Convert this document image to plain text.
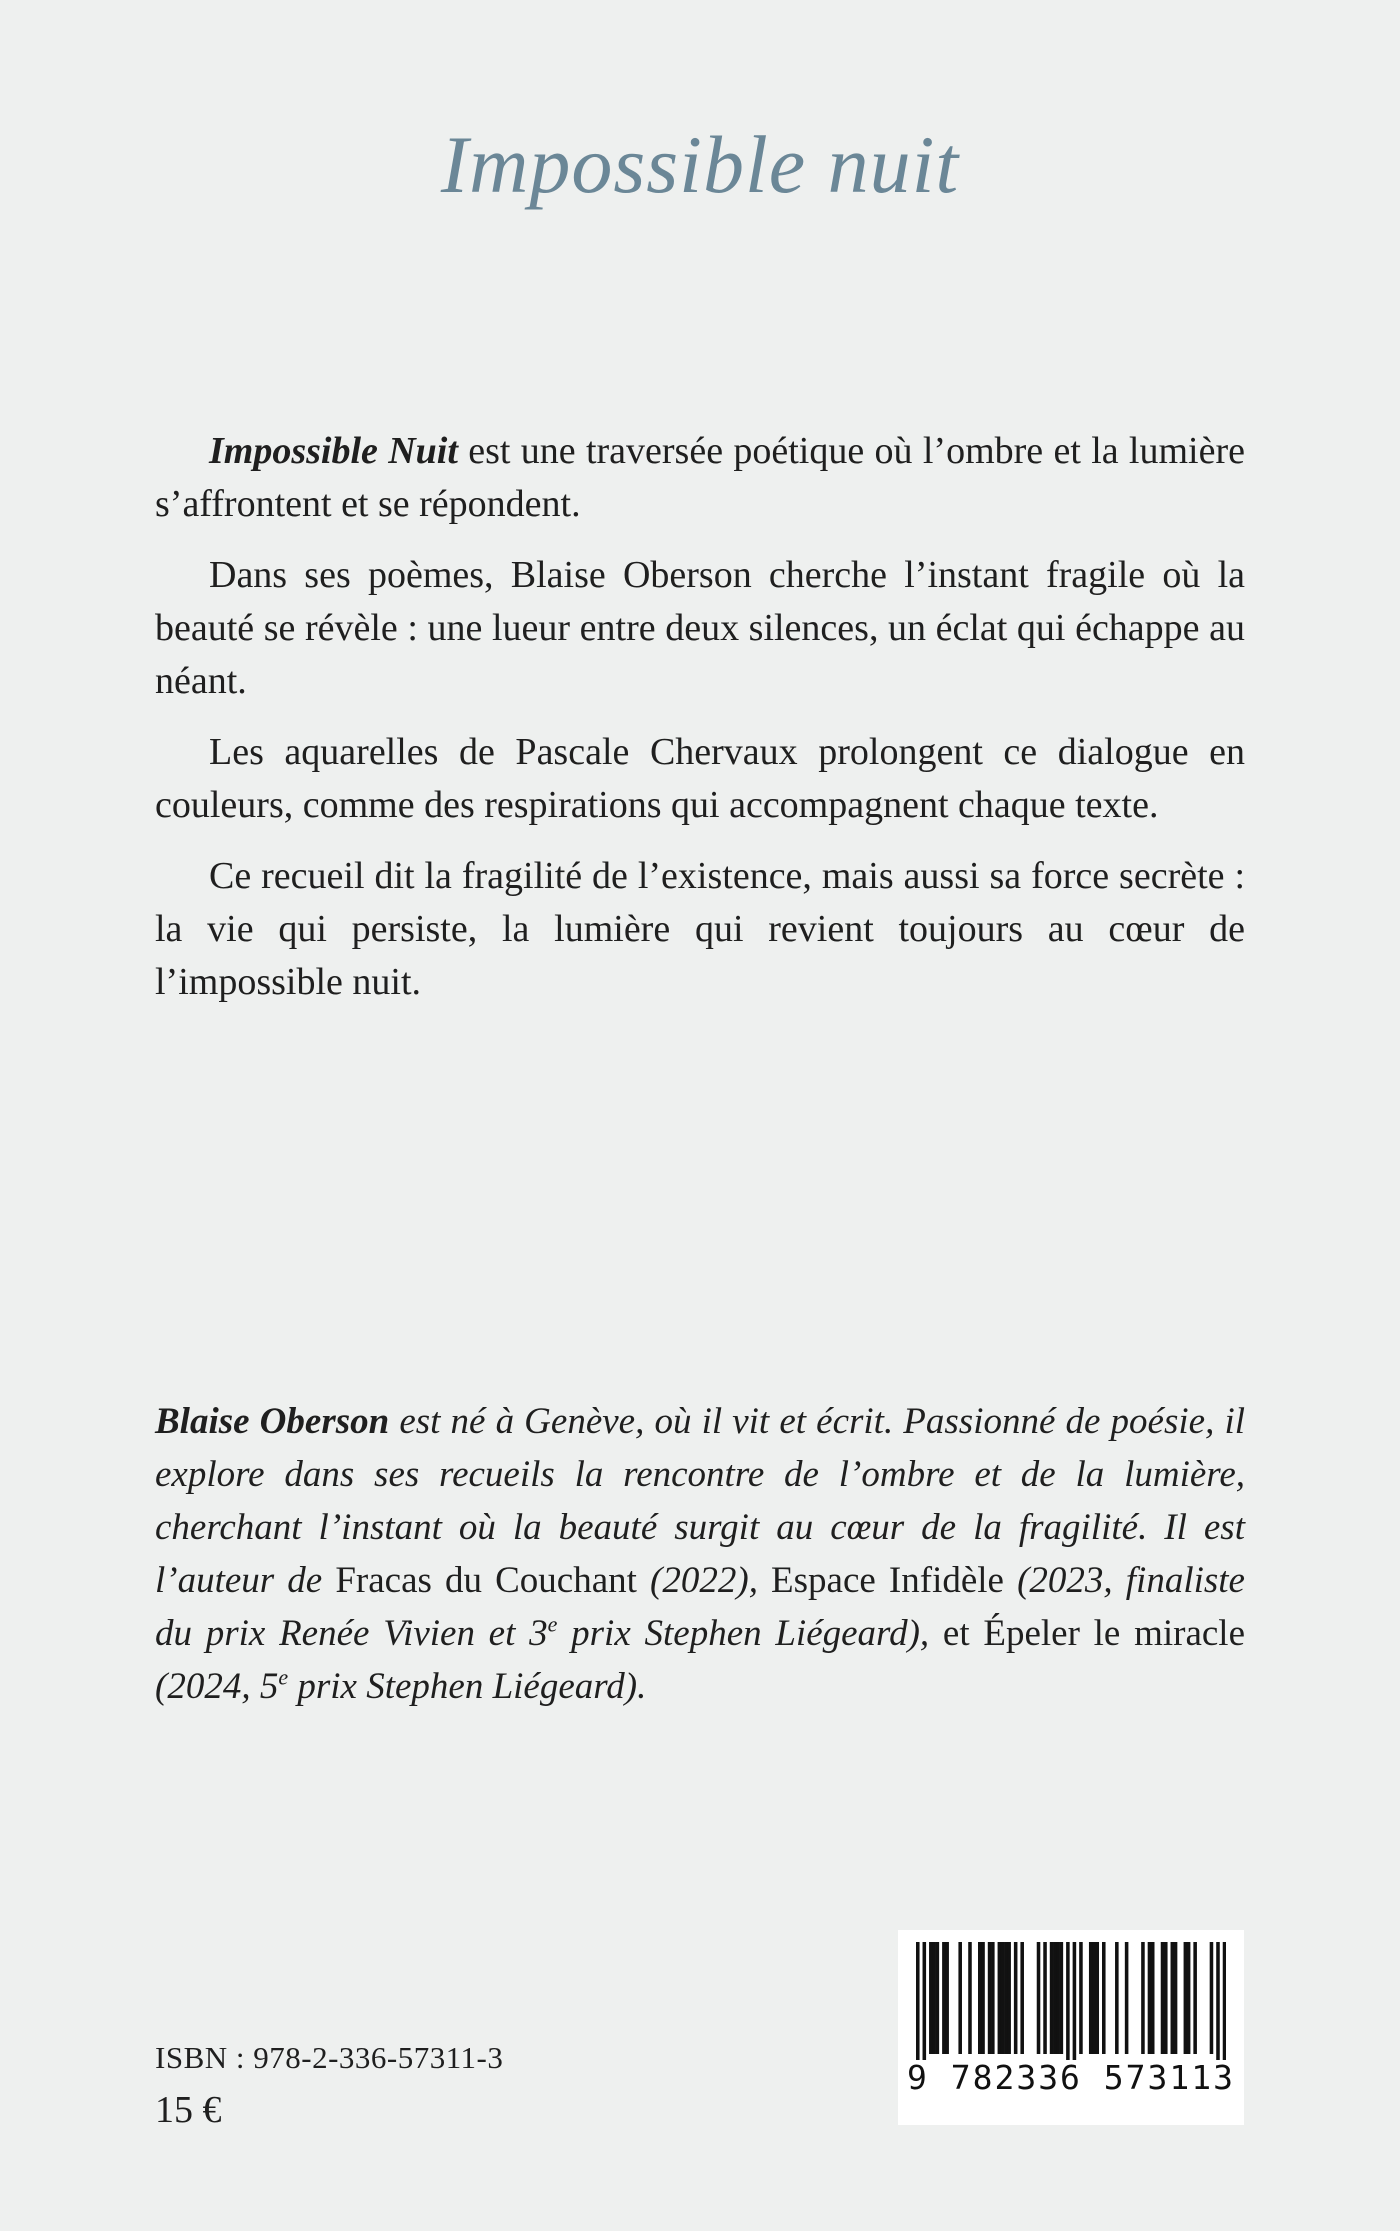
Impossible nuit

Impossible Nuit est une traversée poétique où l’ombre et la lumière s’affrontent et se répondent.

Dans ses poèmes, Blaise Oberson cherche l’instant fragile où la beauté se révèle : une lueur entre deux silences, un éclat qui échappe au néant.

Les aquarelles de Pascale Chervaux prolongent ce dialogue en couleurs, comme des respirations qui accompagnent chaque texte.

Ce recueil dit la fragilité de l’existence, mais aussi sa force secrète : la vie qui persiste, la lumière qui revient toujours au cœur de l’impossible nuit.

Blaise Oberson est né à Genève, où il vit et écrit. Passionné de poésie, il explore dans ses recueils la rencontre de l’ombre et de la lumière, cherchant l’instant où la beauté surgit au cœur de la fragilité. Il est l’auteur de Fracas du Couchant (2022), Espace Infidèle (2023, finaliste du prix Renée Vivien et 3e prix Stephen Liégeard), et Épeler le miracle (2024, 5e prix Stephen Liégeard).
ISBN : 978-2-336-57311-3
15 €
9 782336 573113
